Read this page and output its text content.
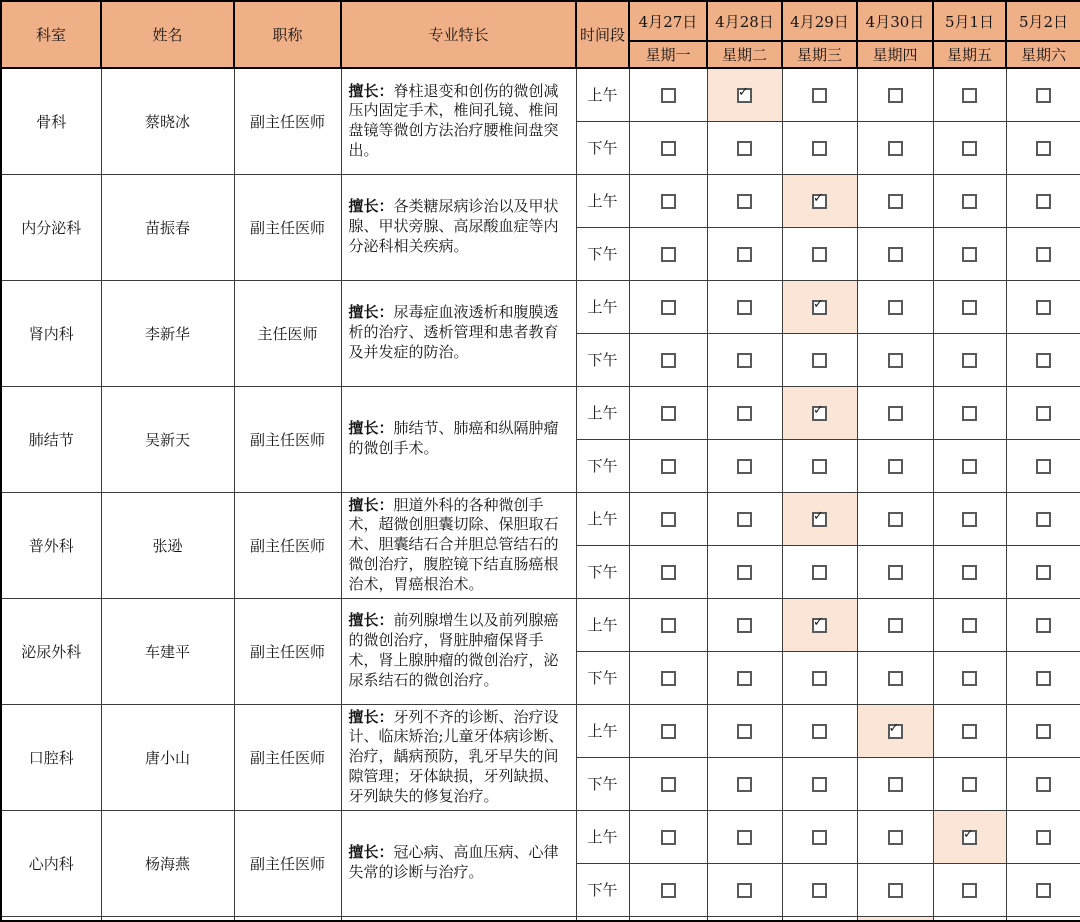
科室	姓名	职称	专业特长	时间段	4月27日	4月28日	4月29日	4月30日	5月1日	5月2日
					星期一	星期二	星期三	星期四	星期五	星期六
骨科	蔡晓冰	副主任医师	擅长：脊柱退变和创伤的微创减压内固定手术，椎间孔镜、椎间盘镜等微创方法治疗腰椎间盘突出。	上午		✓				
				下午						
内分泌科	苗振春	副主任医师	擅长：各类糖尿病诊治以及甲状腺、甲状旁腺、高尿酸血症等内分泌科相关疾病。	上午			✓			
				下午						
肾内科	李新华	主任医师	擅长：尿毒症血液透析和腹膜透析的治疗、透析管理和患者教育及并发症的防治。	上午			✓			
				下午						
肺结节	吴新天	副主任医师	擅长：肺结节、肺癌和纵隔肿瘤的微创手术。	上午			✓			
				下午						
普外科	张逊	副主任医师	擅长：胆道外科的各种微创手术，超微创胆囊切除、保胆取石术、胆囊结石合并胆总管结石的微创治疗，腹腔镜下结直肠癌根治术，胃癌根治术。	上午			✓			
				下午						
泌尿外科	车建平	副主任医师	擅长：前列腺增生以及前列腺癌的微创治疗，肾脏肿瘤保肾手术，肾上腺肿瘤的微创治疗，泌尿系结石的微创治疗。	上午			✓			
				下午						
口腔科	唐小山	副主任医师	擅长：牙列不齐的诊断、治疗设计、临床矫治;儿童牙体病诊断、治疗，龋病预防，乳牙早失的间隙管理；牙体缺损，牙列缺损、牙列缺失的修复治疗。	上午				✓		
				下午						
心内科	杨海燕	副主任医师	擅长：冠心病、高血压病、心律失常的诊断与治疗。	上午					✓	
				下午						
